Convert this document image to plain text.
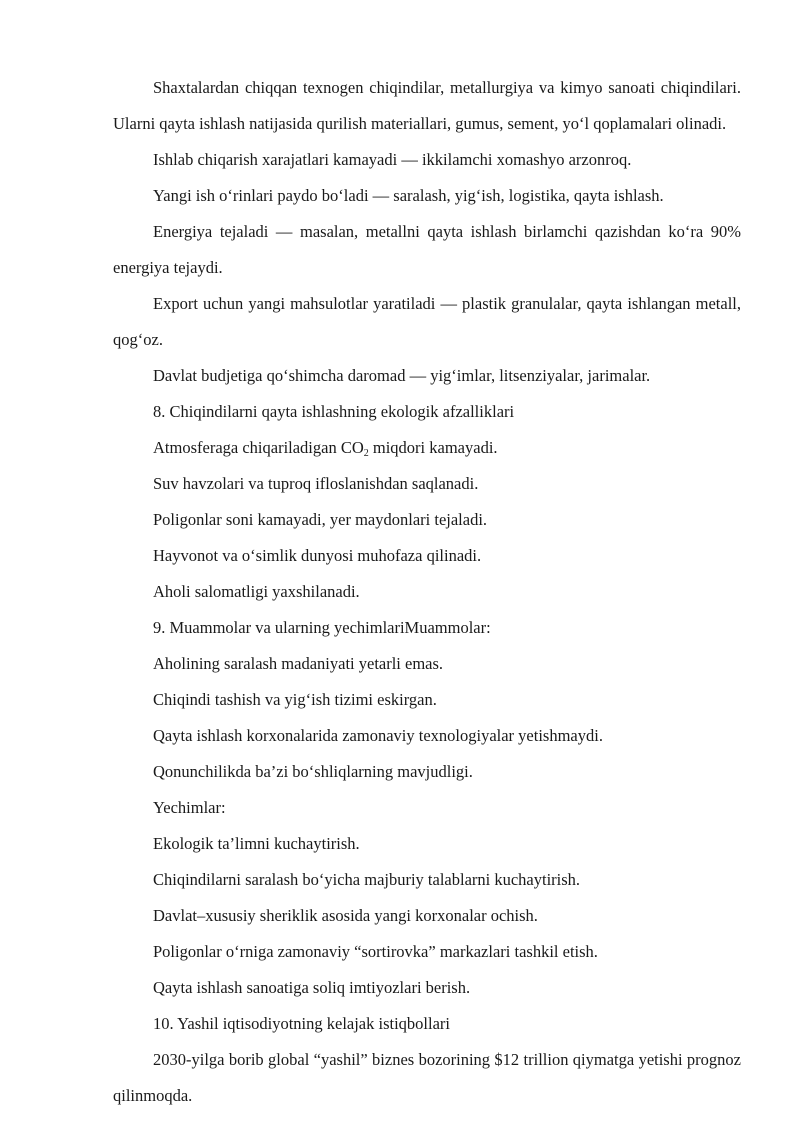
Shaxtalardan chiqqan texnogen chiqindilar, metallurgiya va kimyo sanoati chiqindilari. Ularni qayta ishlash natijasida qurilish materiallari, gumus, sement, yo‘l qoplamalari olinadi.

Ishlab chiqarish xarajatlari kamayadi — ikkilamchi xomashyo arzonroq.

Yangi ish o‘rinlari paydo bo‘ladi — saralash, yig‘ish, logistika, qayta ishlash.

Energiya tejaladi — masalan, metallni qayta ishlash birlamchi qazishdan ko‘ra 90% energiya tejaydi.

Export uchun yangi mahsulotlar yaratiladi — plastik granulalar, qayta ishlangan metall, qog‘oz.

Davlat budjetiga qo‘shimcha daromad — yig‘imlar, litsenziyalar, jarimalar.

8. Chiqindilarni qayta ishlashning ekologik afzalliklari

Atmosferaga chiqariladigan $CO_2$ miqdori kamayadi.

Suv havzolari va tuproq ifloslanishdan saqlanadi.

Poligonlar soni kamayadi, yer maydonlari tejaladi.

Hayvonot va o‘simlik dunyosi muhofaza qilinadi.

Aholi salomatligi yaxshilanadi.

9. Muammolar va ularning yechimlariMuammolar:

Aholining saralash madaniyati yetarli emas.

Chiqindi tashish va yig‘ish tizimi eskirgan.

Qayta ishlash korxonalarida zamonaviy texnologiyalar yetishmaydi.

Qonunchilikda ba’zi bo‘shliqlarning mavjudligi.

Yechimlar:

Ekologik ta’limni kuchaytirish.

Chiqindilarni saralash bo‘yicha majburiy talablarni kuchaytirish.

Davlat–xususiy sheriklik asosida yangi korxonalar ochish.

Poligonlar o‘rniga zamonaviy “sortirovka” markazlari tashkil etish.

Qayta ishlash sanoatiga soliq imtiyozlari berish.

10. Yashil iqtisodiyotning kelajak istiqbollari

2030-yilga borib global “yashil” biznes bozorining $12 trillion qiymatga yetishi prognoz qilinmoqda.
